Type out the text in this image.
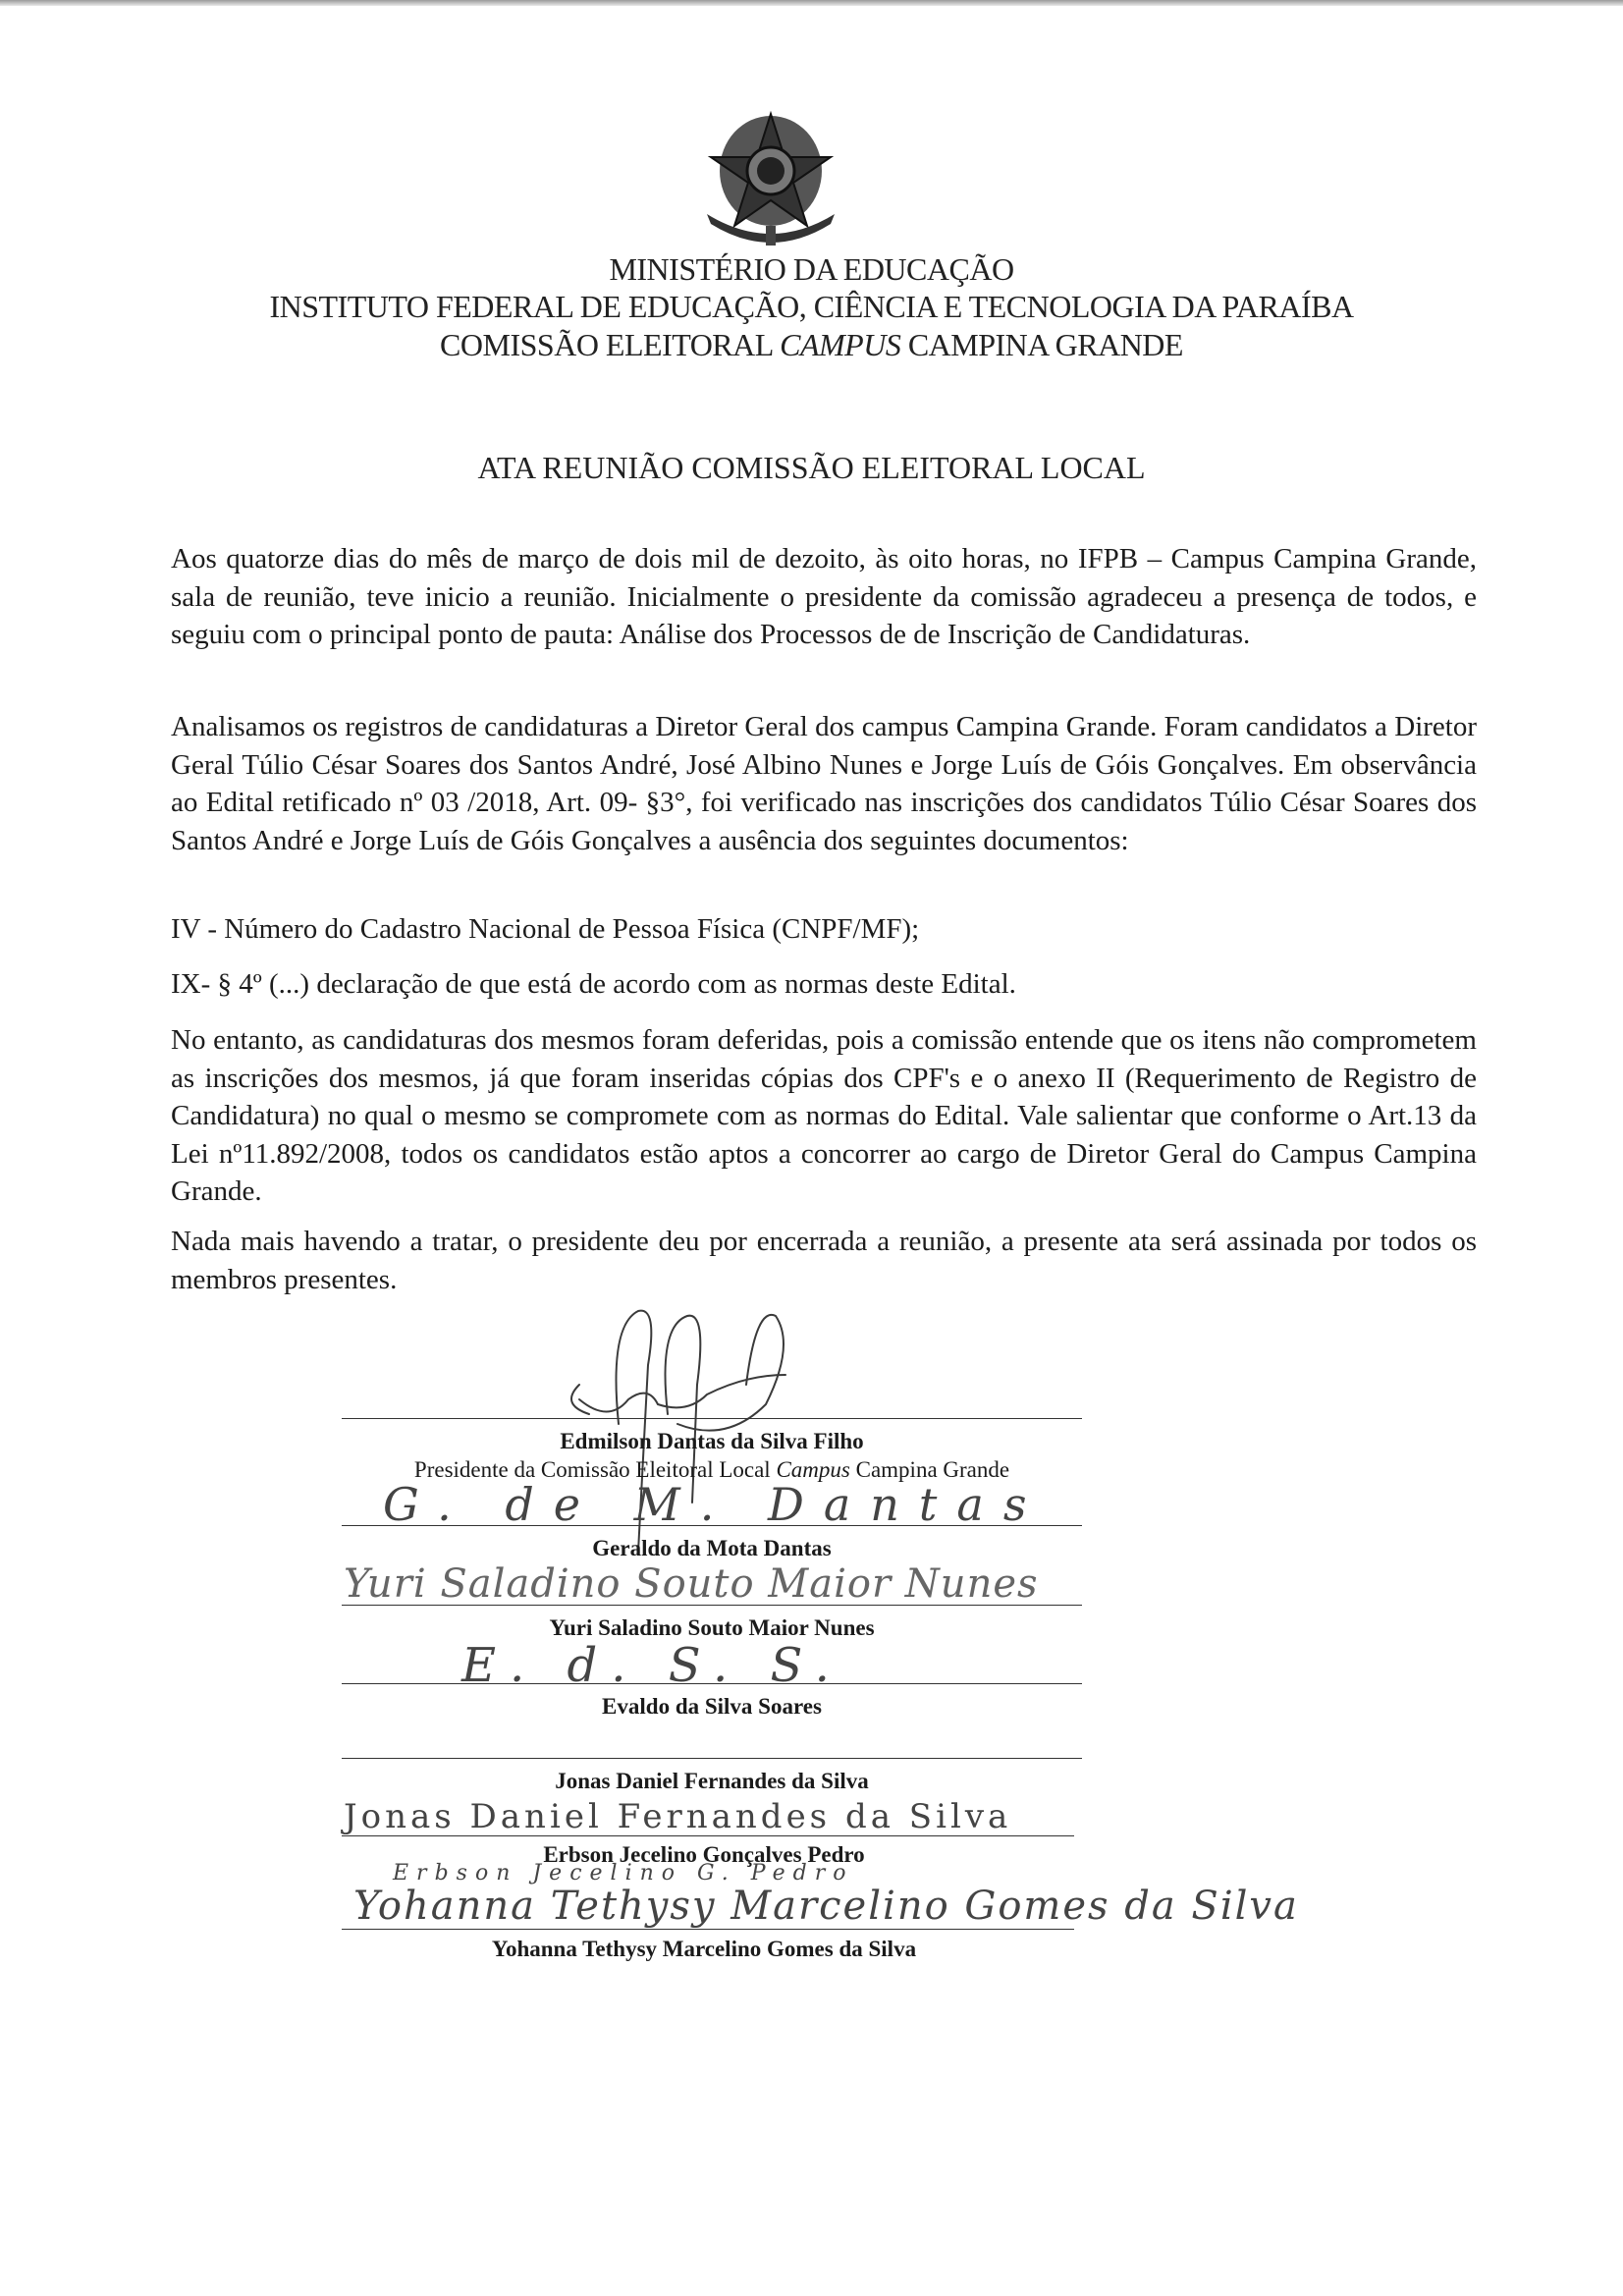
MINISTÉRIO DA EDUCAÇÃO
INSTITUTO FEDERAL DE EDUCAÇÃO, CIÊNCIA E TECNOLOGIA DA PARAÍBA
COMISSÃO ELEITORAL CAMPUS CAMPINA GRANDE
ATA REUNIÃO COMISSÃO ELEITORAL LOCAL

Aos quatorze dias do mês de março de dois mil de dezoito, às oito horas, no IFPB – Campus Campina Grande, sala de reunião, teve inicio a reunião. Inicialmente o presidente da comissão agradeceu a presença de todos, e seguiu com o principal ponto de pauta: Análise dos Processos de de Inscrição de Candidaturas.

Analisamos os registros de candidaturas a Diretor Geral dos campus Campina Grande. Foram candidatos a Diretor Geral Túlio César Soares dos Santos André, José Albino Nunes e Jorge Luís de Góis Gonçalves. Em observância ao Edital retificado nº 03 /2018, Art. 09- §3°, foi verificado nas inscrições dos candidatos Túlio César Soares dos Santos André e Jorge Luís de Góis Gonçalves a ausência dos seguintes documentos:

IV - Número do Cadastro Nacional de Pessoa Física (CNPF/MF);

IX- § 4º (...) declaração de que está de acordo com as normas deste Edital.

No entanto, as candidaturas dos mesmos foram deferidas, pois a comissão entende que os itens não comprometem as inscrições dos mesmos, já que foram inseridas cópias dos CPF's e o anexo II (Requerimento de Registro de Candidatura) no qual o mesmo se compromete com as normas do Edital. Vale salientar que conforme o Art.13 da Lei nº11.892/2008, todos os candidatos estão aptos a concorrer ao cargo de Diretor Geral do Campus Campina Grande.

Nada mais havendo a tratar, o presidente deu por encerrada a reunião, a presente ata será assinada por todos os membros presentes.

Edmilson Dantas da Silva Filho
Presidente da Comissão Eleitoral Local Campus Campina Grande
G. de M. Dantas
Geraldo da Mota Dantas
Yuri Saladino Souto Maior Nunes
Yuri Saladino Souto Maior Nunes
E. d. S. S.
Evaldo da Silva Soares
Jonas Daniel Fernandes da Silva
Jonas Daniel Fernandes da Silva
Erbson Jecelino Gonçalves Pedro
Erbson Jecelino G. Pedro
Yohanna Tethysy Marcelino Gomes da Silva
Yohanna Tethysy Marcelino Gomes da Silva
